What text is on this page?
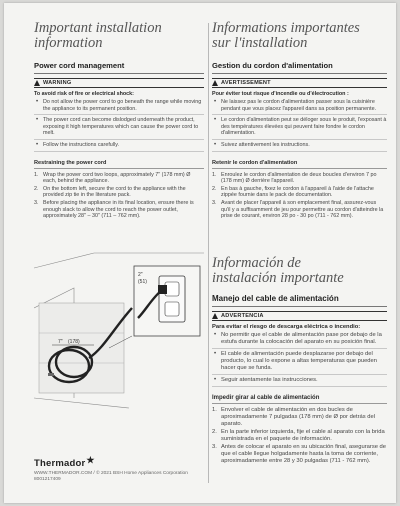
Important installation
information
Power cord management
WARNING

To avoid risk of fire or electrical shock:

• Do not allow the power cord to go beneath the range while moving the appliance to its permanent position.
• The power cord can become dislodged underneath the product, exposing it high temperatures which can cause the power cord to melt.
• Follow the instructions carefully.
Restraining the power cord
1. Wrap the power cord two loops, approximately 7" (178 mm) Ø each, behind the appliance.
2. On the bottom left, secure the cord to the appliance with the provided zip tie in the literature pack.
3. Before placing the appliance in its final location, ensure there is enough slack to allow the cord to reach the power outlet, approximately 28" – 30" (711 – 762 mm).
Informations importantes
sur l'installation
Gestion du cordon d'alimentation
AVERTISSEMENT

Pour éviter tout risque d'incendie ou d'électrocution :

• Ne laissez pas le cordon d'alimentation passer sous la cuisinière pendant que vous placez l'appareil dans sa position permanente.
• Le cordon d'alimentation peut se déloger sous le produit, l'exposant à des températures élevées qui peuvent faire fondre le cordon d'alimentation.
• Suivez attentivement les instructions.
Retenir le cordon d'alimentation
1. Enroulez le cordon d'alimentation de deux boucles d'environ 7 po (178 mm) Ø derrière l'appareil.
2. En bas à gauche, fixez le cordon à l'appareil à l'aide de l'attache zippée fournie dans le pack de documentation.
3. Avant de placer l'appareil à son emplacement final, assurez-vous qu'il y a suffisamment de jeu pour permettre au cordon d'atteindre la prise de courant, environ 28 po - 30 po (711 - 762 mm).
7" (178)
2"
(51)
Información de
instalación importante
Manejo del cable de alimentación
ADVERTENCIA

Para evitar el riesgo de descarga eléctrica o incendio:

• No permitir que el cable de alimentación pase por debajo de la estufa durante la colocación del aparato en su posición final.
• El cable de alimentación puede desplazarse por debajo del producto, lo cual lo expone a altas temperaturas que pueden hacer que se funda.
• Seguir atentamente las instrucciones.
Impedir girar al cable de alimentación
1. Envolver el cable de alimentación en dos bucles de aproximadamente 7 pulgadas (178 mm) de Ø por detrás del aparato.
2. En la parte inferior izquierda, fije el cable al aparato con la brida suministrada en el paquete de información.
3. Antes de colocar el aparato en su ubicación final, asegurarse de que el cable llegue holgadamente hasta la toma de corriente, aproximadamente entre 28 y 30 pulgadas (711 - 762 mm).
Thermador ★
WWW.THERMADOR.COM / © 2021 BSH Home Appliances Corporation
8001217409
